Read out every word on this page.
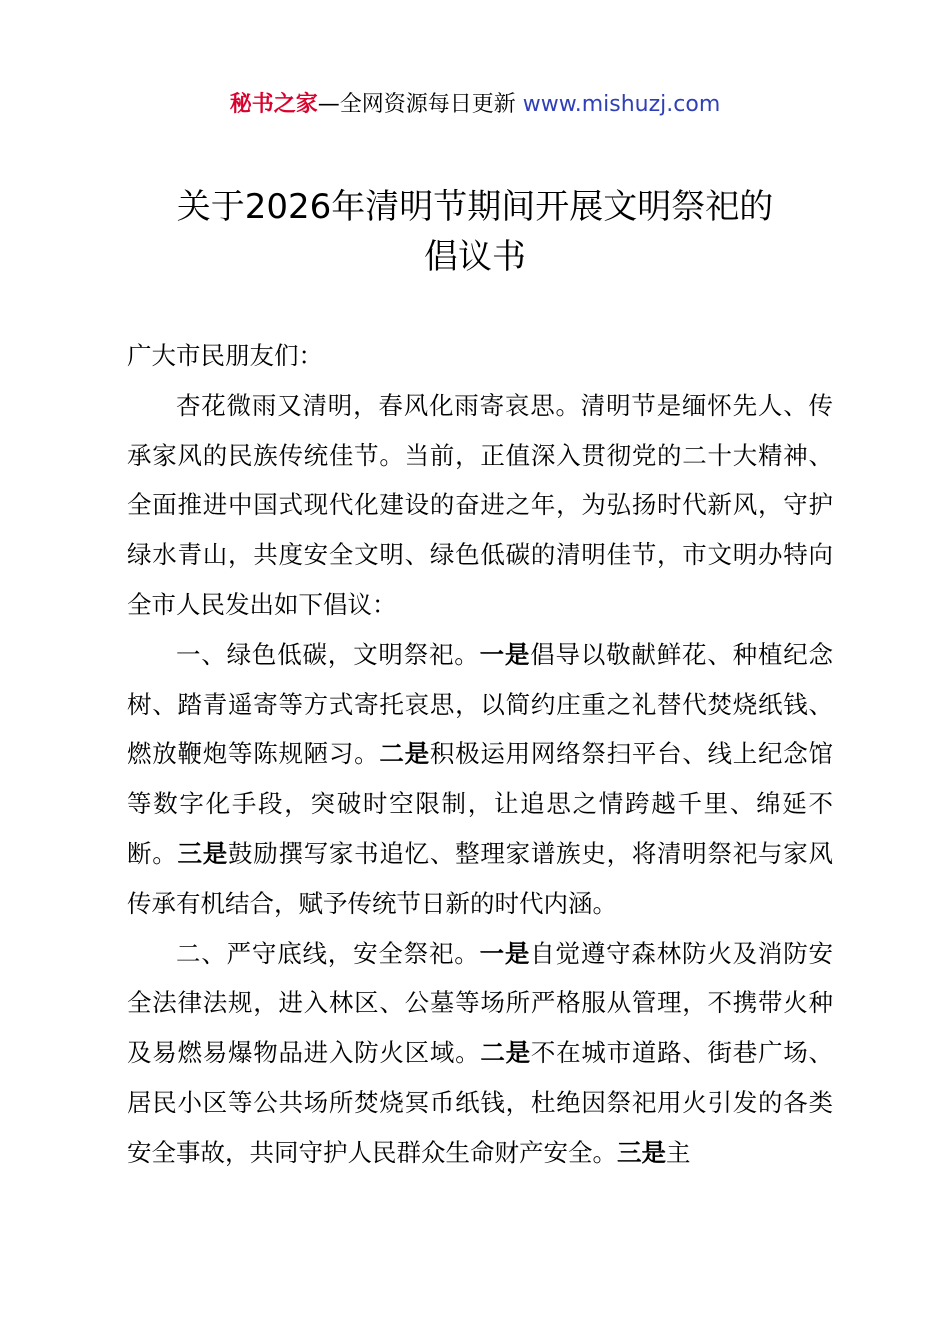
秘书之家—全网资源每日更新 www.mishuzj.com
关于2026年清明节期间开展文明祭祀的
倡议书

广大市民朋友们：

杏花微雨又清明，春风化雨寄哀思。清明节是缅怀先人、传承家风的民族传统佳节。当前，正值深入贯彻党的二十大精神、全面推进中国式现代化建设的奋进之年，为弘扬时代新风，守护绿水青山，共度安全文明、绿色低碳的清明佳节，市文明办特向全市人民发出如下倡议：

一、绿色低碳，文明祭祀。一是倡导以敬献鲜花、种植纪念树、踏青遥寄等方式寄托哀思，以简约庄重之礼替代焚烧纸钱、燃放鞭炮等陈规陋习。二是积极运用网络祭扫平台、线上纪念馆等数字化手段，突破时空限制，让追思之情跨越千里、绵延不断。三是鼓励撰写家书追忆、整理家谱族史，将清明祭祀与家风传承有机结合，赋予传统节日新的时代内涵。

二、严守底线，安全祭祀。一是自觉遵守森林防火及消防安全法律法规，进入林区、公墓等场所严格服从管理，不携带火种及易燃易爆物品进入防火区域。二是不在城市道路、街巷广场、居民小区等公共场所焚烧冥币纸钱，杜绝因祭祀用火引发的各类安全事故，共同守护人民群众生命财产安全。三是主
